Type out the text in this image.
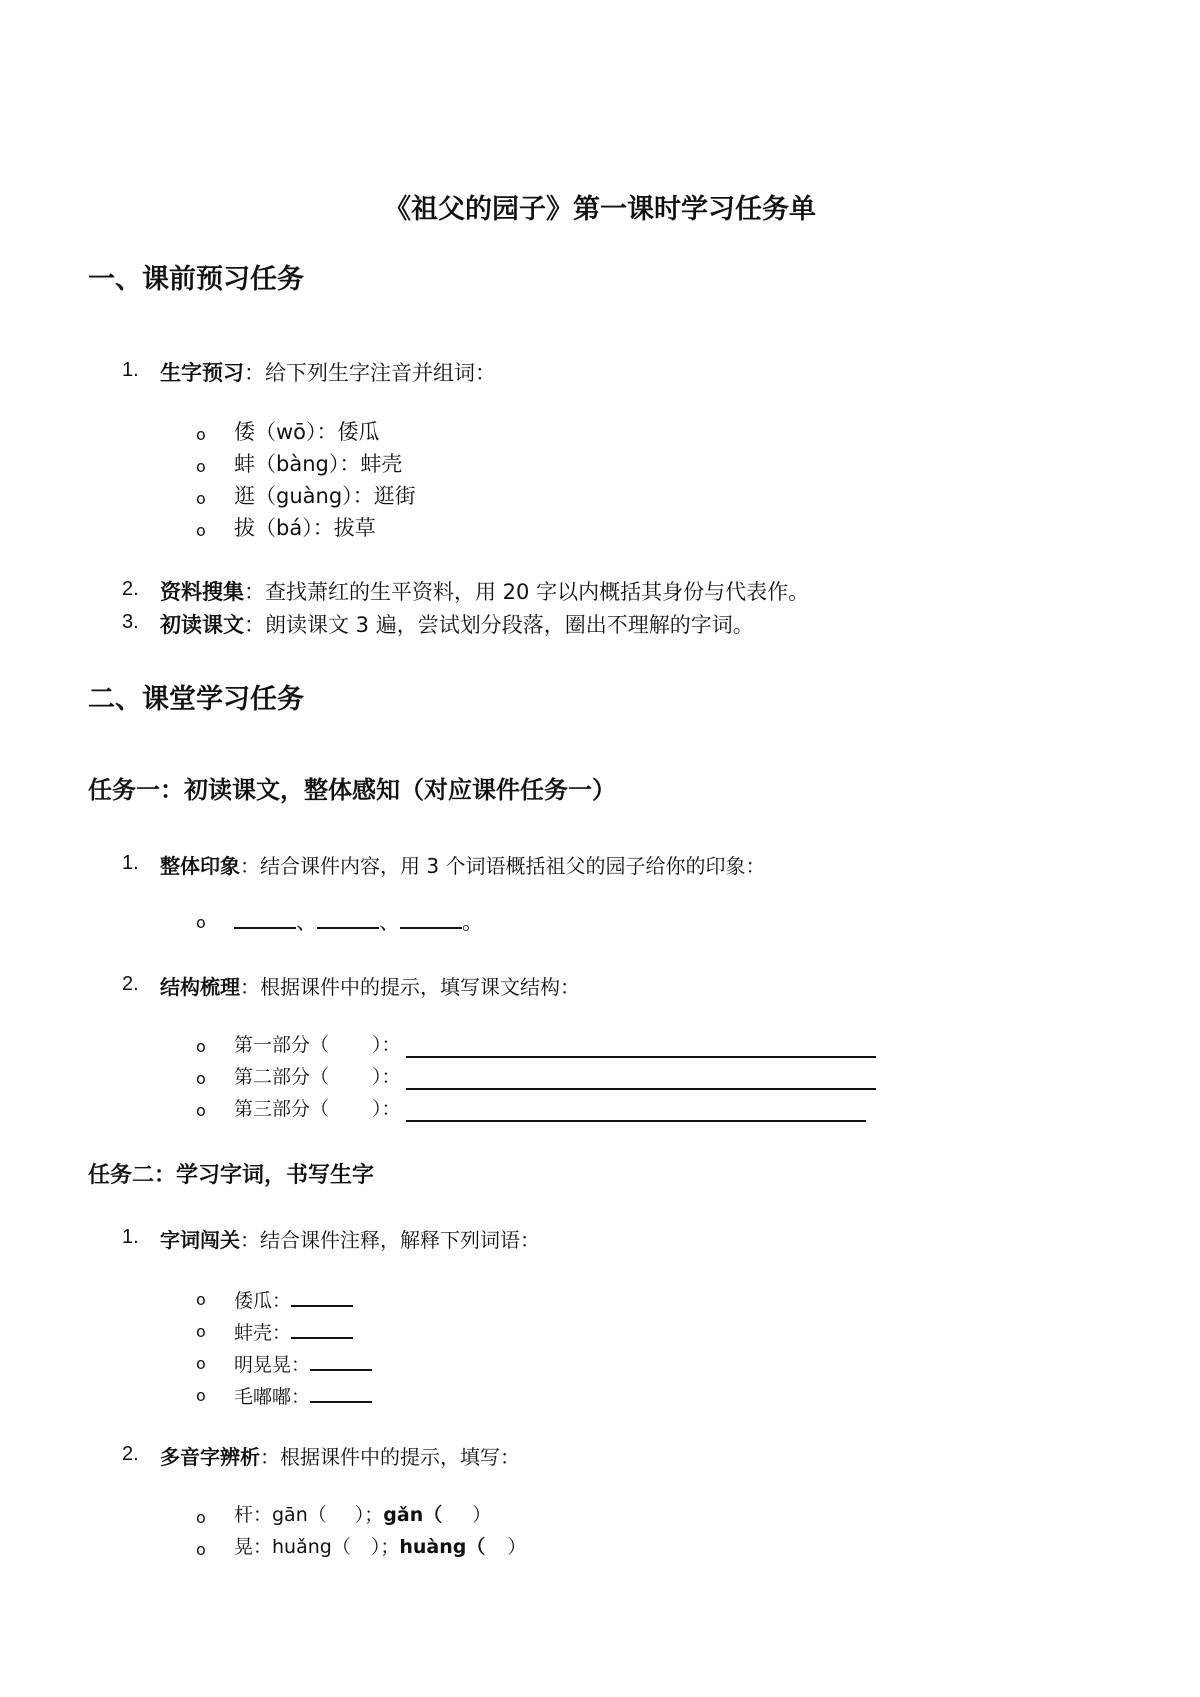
《祖父的园子》第一课时学习任务单
一、课前预习任务
1. 生字预习：给下列生字注音并组词：
o 倭（wō）：倭瓜
o 蚌（bàng）：蚌壳
o 逛（guàng）：逛街
o 拔（bá）：拔草
2. 资料搜集：查找萧红的生平资料，用 20 字以内概括其身份与代表作。
3. 初读课文：朗读课文 3 遍，尝试划分段落，圈出不理解的字词。
二、课堂学习任务
任务一：初读课文，整体感知（对应课件任务一）
1. 整体印象：结合课件内容，用 3 个词语概括祖父的园子给你的印象：
o	、	、	。
2. 结构梳理：根据课件中的提示，填写课文结构：
o 第一部分（ ）：
o 第二部分（ ）：
o 第三部分（ ）：
任务二：学习字词，书写生字
1. 字词闯关：结合课件注释，解释下列词语：
o 倭瓜：
o 蚌壳：
o 明晃晃：
o 毛嘟嘟：
2. 多音字辨析：根据课件中的提示，填写：
o 杆：gān（ ）；gǎn（ ）
o 晃：huǎng（ ）；huàng（ ）
